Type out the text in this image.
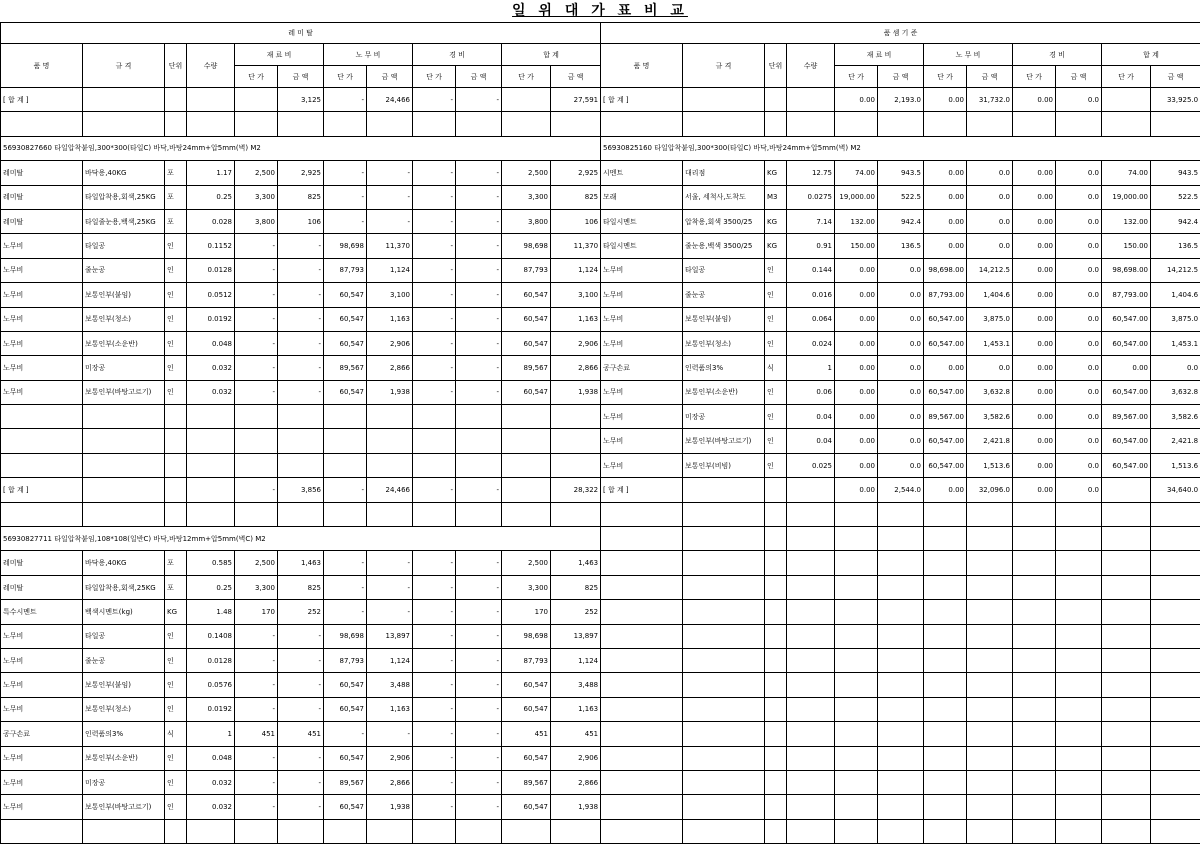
일 위 대 가 표 비 교
레 미 탈											
품 명	규 격	단위	수량	재 료 비		노 무 비		경 비		합 계	
				단 가	금 액	단 가	금 액	단 가	금 액	단 가	금 액
[ 합 계 ]					3,125	-	24,466	-	-		27,591

56930827660 타일압착붙임,300*300(타일C) 바닥,바탕24mm+압5mm(벽) M2											
레미탈	바닥용,40KG	포	1.17	2,500	2,925	-	-	-	-	2,500	2,925
레미탈	타일압착용,회색,25KG	포	0.25	3,300	825	-	-	-	-	3,300	825
레미탈	타일줄눈용,백색,25KG	포	0.028	3,800	106	-	-	-	-	3,800	106
노무비	타일공	인	0.1152	-	-	98,698	11,370	-	-	98,698	11,370
노무비	줄눈공	인	0.0128	-	-	87,793	1,124	-	-	87,793	1,124
노무비	보통인부(붙임)	인	0.0512	-	-	60,547	3,100	-	-	60,547	3,100
노무비	보통인부(청소)	인	0.0192	-	-	60,547	1,163	-	-	60,547	1,163
노무비	보통인부(소운반)	인	0.048	-	-	60,547	2,906	-	-	60,547	2,906
노무비	미장공	인	0.032	-	-	89,567	2,866	-	-	89,567	2,866
노무비	보통인부(바탕고르기)	인	0.032	-	-	60,547	1,938	-	-	60,547	1,938

[ 합 계 ]				-	3,856	-	24,466	-	-		28,322

56930827711 타일압착붙임,108*108(일반C) 바닥,바탕12mm+압5mm(벽C) M2											
레미탈	바닥용,40KG	포	0.585	2,500	1,463	-	-	-	-	2,500	1,463
레미탈	타일압착용,회색,25KG	포	0.25	3,300	825	-	-	-	-	3,300	825
특수시멘트	백색시멘트(kg)	KG	1.48	170	252	-	-	-	-	170	252
노무비	타일공	인	0.1408	-	-	98,698	13,897	-	-	98,698	13,897
노무비	줄눈공	인	0.0128	-	-	87,793	1,124	-	-	87,793	1,124
노무비	보통인부(붙임)	인	0.0576	-	-	60,547	3,488	-	-	60,547	3,488
노무비	보통인부(청소)	인	0.0192	-	-	60,547	1,163	-	-	60,547	1,163
공구손료	인력품의3%	식	1	451	451	-	-	-	-	451	451
노무비	보통인부(소운반)	인	0.048	-	-	60,547	2,906	-	-	60,547	2,906
노무비	미장공	인	0.032	-	-	89,567	2,866	-	-	89,567	2,866
노무비	보통인부(바탕고르기)	인	0.032	-	-	60,547	1,938	-	-	60,547	1,938

품 셈 기 준											
품 명	규 격	단위	수량	재 료 비		노 무 비		경 비		합 계	
				단 가	금 액	단 가	금 액	단 가	금 액	단 가	금 액
[ 합 계 ]				0.00	2,193.0	0.00	31,732.0	0.00	0.0		33,925.0

56930825160 타일압착붙임,300*300(타일C) 바닥,바탕24mm+압5mm(벽) M2											
시멘트	대리점	KG	12.75	74.00	943.5	0.00	0.0	0.00	0.0	74.00	943.5
모래	서울, 세척사,도착도	M3	0.0275	19,000.00	522.5	0.00	0.0	0.00	0.0	19,000.00	522.5
타일시멘트	압착용,회색 3500/25	KG	7.14	132.00	942.4	0.00	0.0	0.00	0.0	132.00	942.4
타일시멘트	줄눈용,백색 3500/25	KG	0.91	150.00	136.5	0.00	0.0	0.00	0.0	150.00	136.5
노무비	타일공	인	0.144	0.00	0.0	98,698.00	14,212.5	0.00	0.0	98,698.00	14,212.5
노무비	줄눈공	인	0.016	0.00	0.0	87,793.00	1,404.6	0.00	0.0	87,793.00	1,404.6
노무비	보통인부(붙임)	인	0.064	0.00	0.0	60,547.00	3,875.0	0.00	0.0	60,547.00	3,875.0
노무비	보통인부(청소)	인	0.024	0.00	0.0	60,547.00	1,453.1	0.00	0.0	60,547.00	1,453.1
공구손료	인력품의3%	식	1	0.00	0.0	0.00	0.0	0.00	0.0	0.00	0.0
노무비	보통인부(소운반)	인	0.06	0.00	0.0	60,547.00	3,632.8	0.00	0.0	60,547.00	3,632.8
노무비	미장공	인	0.04	0.00	0.0	89,567.00	3,582.6	0.00	0.0	89,567.00	3,582.6
노무비	보통인부(바탕고르기)	인	0.04	0.00	0.0	60,547.00	2,421.8	0.00	0.0	60,547.00	2,421.8
노무비	보통인부(비빔)	인	0.025	0.00	0.0	60,547.00	1,513.6	0.00	0.0	60,547.00	1,513.6
[ 합 계 ]				0.00	2,544.0	0.00	32,096.0	0.00	0.0		34,640.0
